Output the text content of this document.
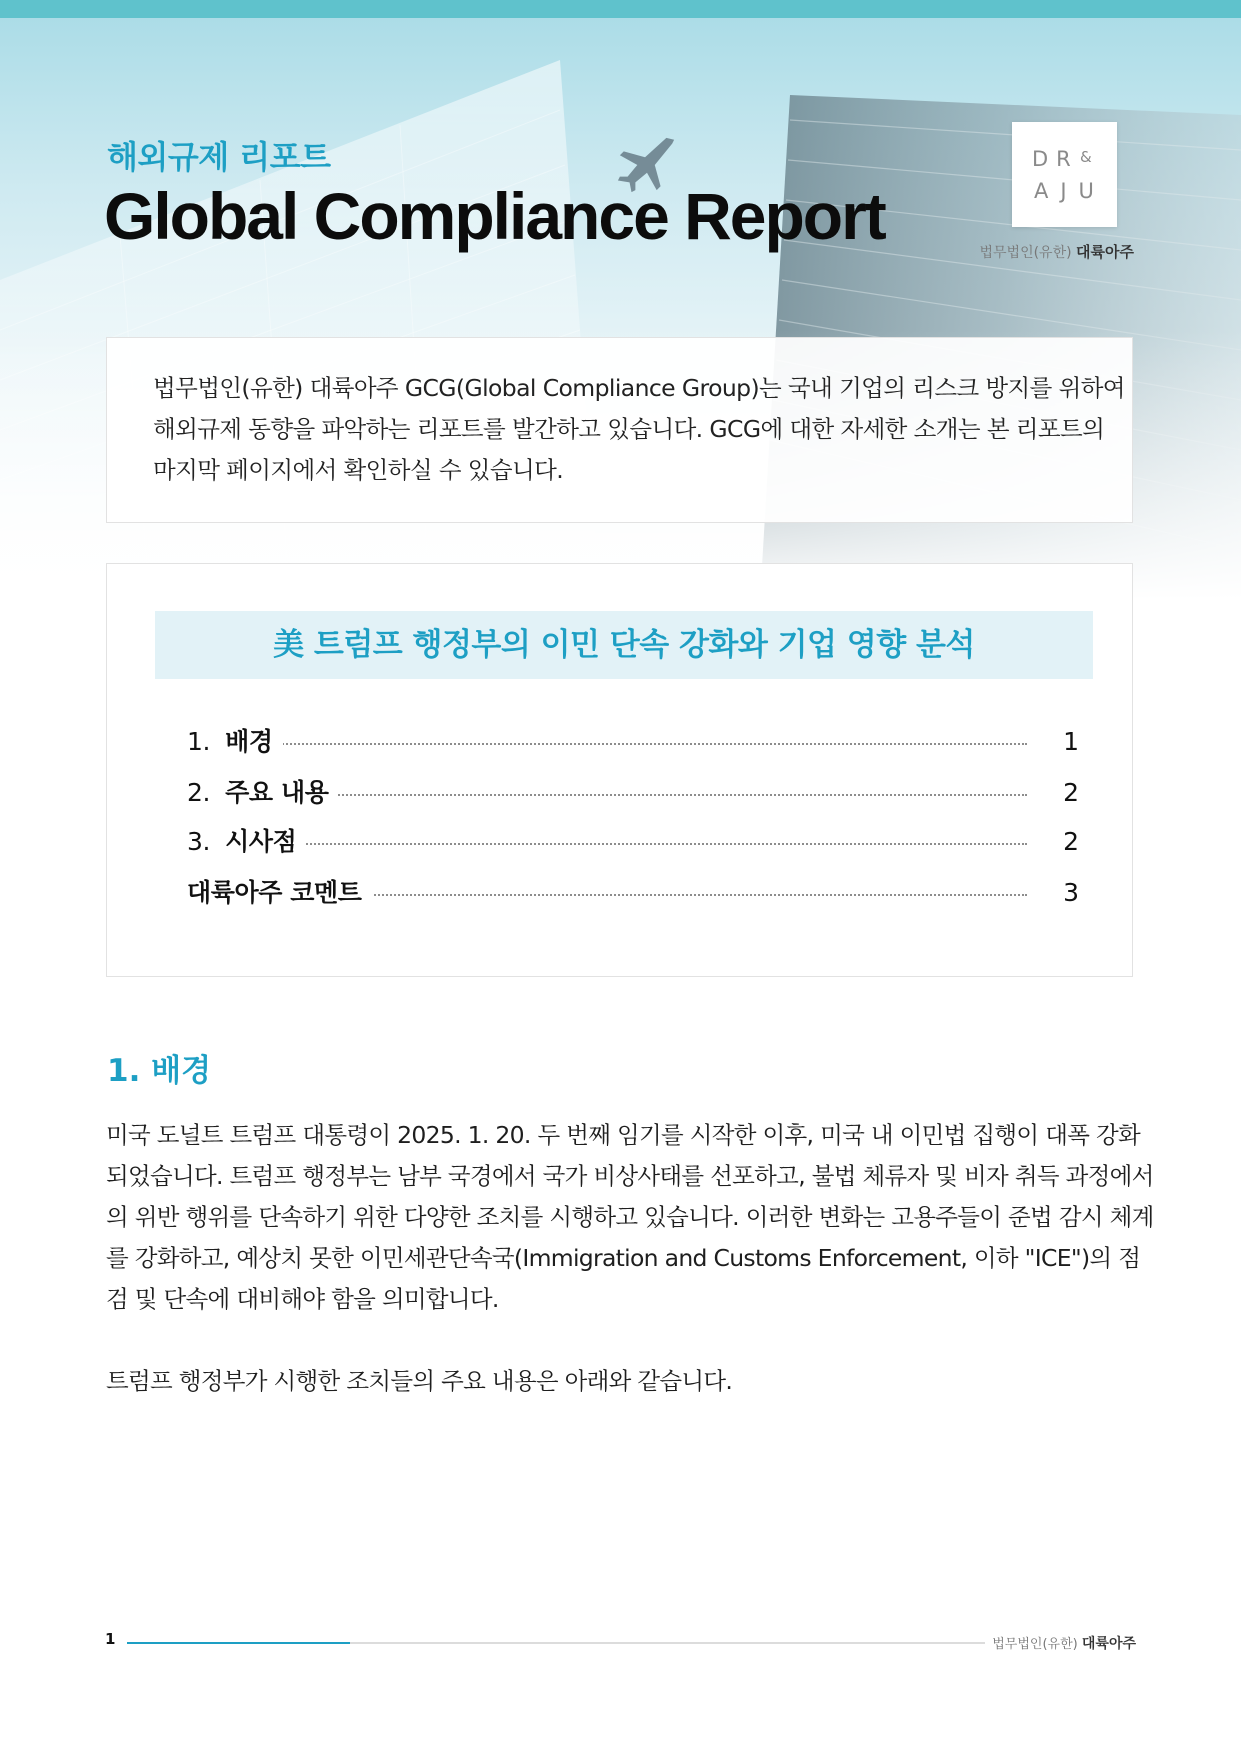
해외규제 리포트
Global Compliance Report
DR &
AJU
법무법인(유한) 대륙아주

법무법인(유한) 대륙아주 GCG(Global Compliance Group)는 국내 기업의 리스크 방지를 위하여

해외규제 동향을 파악하는 리포트를 발간하고 있습니다. GCG에 대한 자세한 소개는 본 리포트의

마지막 페이지에서 확인하실 수 있습니다.

美 트럼프 행정부의 이민 단속 강화와 기업 영향 분석
1. 배경	1
2. 주요 내용	2
3. 시사점	2
대륙아주 코멘트	3
1. 배경

미국 도널트 트럼프 대통령이 2025. 1. 20. 두 번째 임기를 시작한 이후, 미국 내 이민법 집행이 대폭 강화

되었습니다. 트럼프 행정부는 남부 국경에서 국가 비상사태를 선포하고, 불법 체류자 및 비자 취득 과정에서

의 위반 행위를 단속하기 위한 다양한 조치를 시행하고 있습니다. 이러한 변화는 고용주들이 준법 감시 체계

를 강화하고, 예상치 못한 이민세관단속국(Immigration and Customs Enforcement, 이하 "ICE")의 점

검 및 단속에 대비해야 함을 의미합니다.

트럼프 행정부가 시행한 조치들의 주요 내용은 아래와 같습니다.

1	법무법인(유한) 대륙아주
